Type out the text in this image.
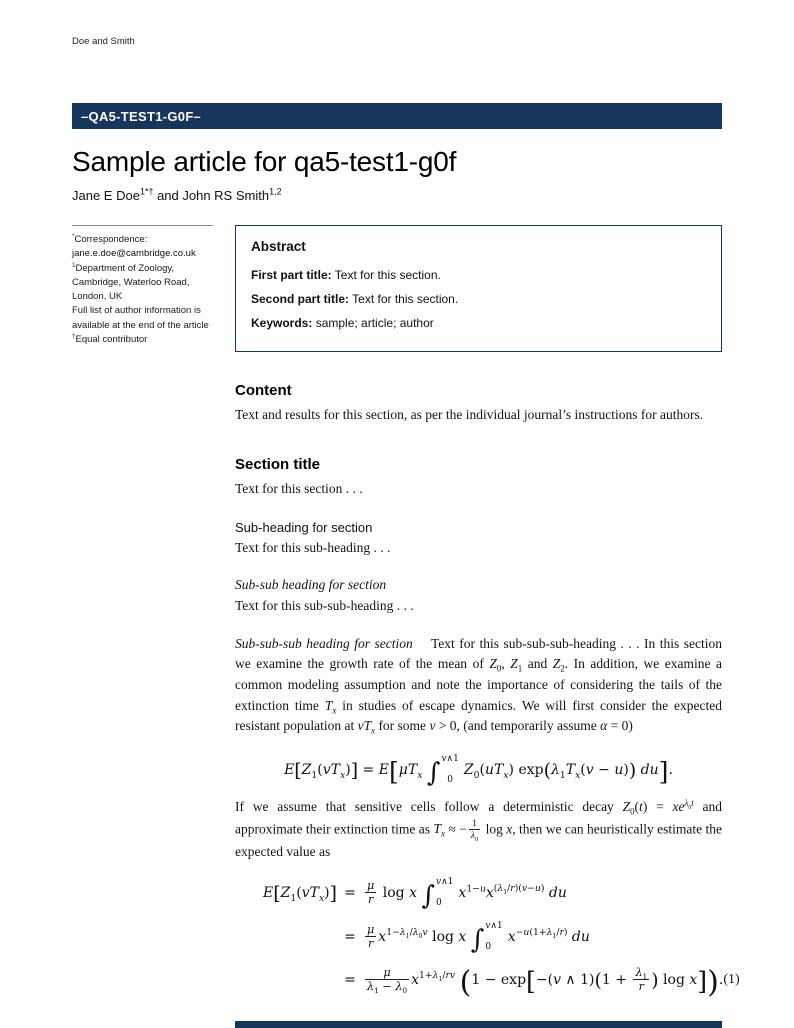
Doe and Smith
–QA5-TEST1-G0F–
Sample article for qa5-test1-g0f
Jane E Doe$^{1*\dagger}$ and John RS Smith$^{1,2}$
*Correspondence:
jane.e.doe@cambridge.co.uk
$^1$Department of Zoology, Cambridge, Waterloo Road, London, UK
Full list of author information is available at the end of the article
†Equal contributor
Abstract
First part title: Text for this section.
Second part title: Text for this section.
Keywords: sample; article; author
Content

Text and results for this section, as per the individual journal’s instructions for authors.

Section title

Text for this section . . .

Sub-heading for section

Text for this sub-heading . . .

Sub-sub heading for section

Text for this sub-sub-heading . . .

Sub-sub-sub heading for section Text for this sub-sub-sub-heading . . . In this section we examine the growth rate of the mean of $Z_0$, $Z_1$ and $Z_2$. In addition, we examine a common modeling assumption and note the importance of considering the tails of the extinction time $T_x$ in studies of escape dynamics. We will first consider the expected resistant population at $vT_x$ for some v > 0, (and temporarily assume α = 0)

$E[Z_1(vT_x)] = E[\mu T_x$ ∫ v∧1
0
$Z_0(uT_x) \exp(\lambda_1T_x(v - u))$ du].

If we assume that sensitive cells follow a deterministic decay $Z_0(t) = xe^{\lambda_0t}$ and approximate their extinction time as $T_x$ ≈ − $\frac{1}{\lambda_0}$ log x, then we can heuristically estimate the expected value as

$E[Z_1(vT_x)] = \frac{\mu}{r}$ log x ∫ v∧1
0
$x^{1-u}x^{(\lambda_1/r)(v-u)}$ du
= $\frac{\mu}{r} x^{1-\lambda_1/\lambda_0v}$ log x ∫ v∧1
0
$x^{-u(1+\lambda_1/r)}$ du
= $\frac{\mu}{\lambda_1 - \lambda_0} x^{1+\lambda_1/rv}$ (1 − exp[−(v ∧ $1)(1 + \frac{\lambda_1}{r}$ ) log x]). (1)
